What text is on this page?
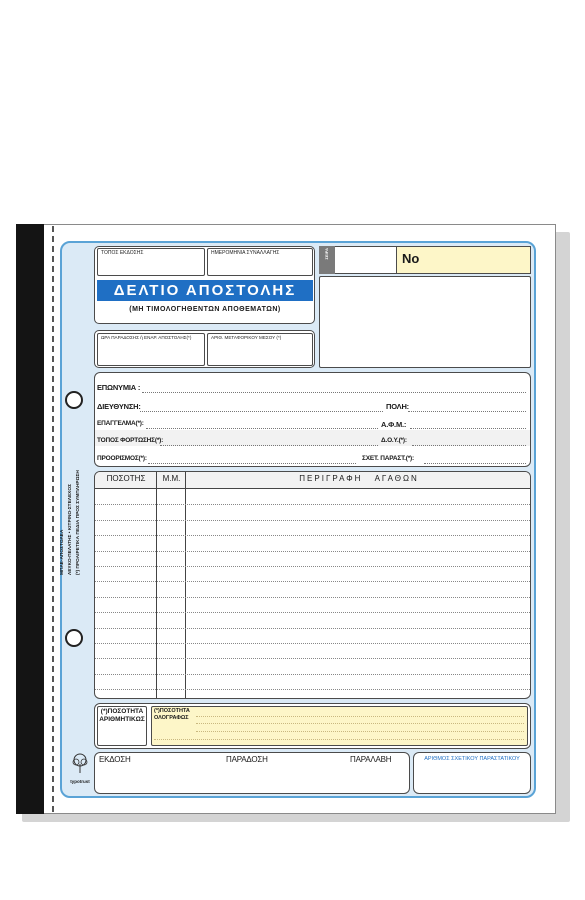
ΜΠΛΕ-ΑΠΟΣΤΟΛΕΑ ΛΕΥΚΟ-ΠΕΛΑΤΗΣ • ΚΙΤΡΙΝΟ-ΣΤΕΛΕΧΟΣ (*) ΠΡΟΑΙΡΕΤΙΚΑ ΠΕΔΙΑ ΠΡΟΣ ΣΥΜΠΛΗΡΩΣΗ
typotrust
ΤΟΠΟΣ ΕΚΔΟΣΗΣ	ΗΜΕΡΟΜΗΝΙΑ ΣΥΝΑΛΛΑΓΗΣ
ΔΕΛΤΙΟ ΑΠΟΣΤΟΛΗΣ
(ΜΗ ΤΙΜΟΛΟΓΗΘΕΝΤΩΝ ΑΠΟΘΕΜΑΤΩΝ)
ΩΡΑ ΠΑΡΑΔΟΣΗΣ ή ΕΝΑΡ. ΑΠΟΣΤΟΛΗΣ(*)	ΑΡΙΘ. ΜΕΤΑΦΟΡΙΚΟΥ ΜΕΣΟΥ (*)
ΣΕΙΡΑ	Νο
ΕΠΩΝΥΜΙΑ :
ΔΙΕΥΘΥΝΣΗ:	ΠΟΛΗ:
ΕΠΑΓΓΕΛΜΑ(*):	Α.Φ.Μ.:
ΤΟΠΟΣ ΦΟΡΤΩΣΗΣ(*):	Δ.Ο.Υ.(*):
ΠΡΟΟΡΙΣΜΟΣ(*):	ΣΧΕΤ. ΠΑΡΑΣΤ.(*):
ΠΟΣΟΤΗΣ	Μ.Μ.	ΠΕΡΙΓΡΑΦΗ   ΑΓΑΘΩΝ
(*)ΠΟΣΟΤΗΤΑ ΑΡΙΘΜΗΤΙΚΩΣ
(*)ΠΟΣΟΤΗΤΑ ΟΛΟΓΡΑΦΩΣ
ΕΚΔΟΣΗ	ΠΑΡΑΔΟΣΗ	ΠΑΡΑΛΑΒΗ	ΑΡΙΘΜΟΣ ΣΧΕΤΙΚΟΥ ΠΑΡΑΣΤΑΤΙΚΟΥ
